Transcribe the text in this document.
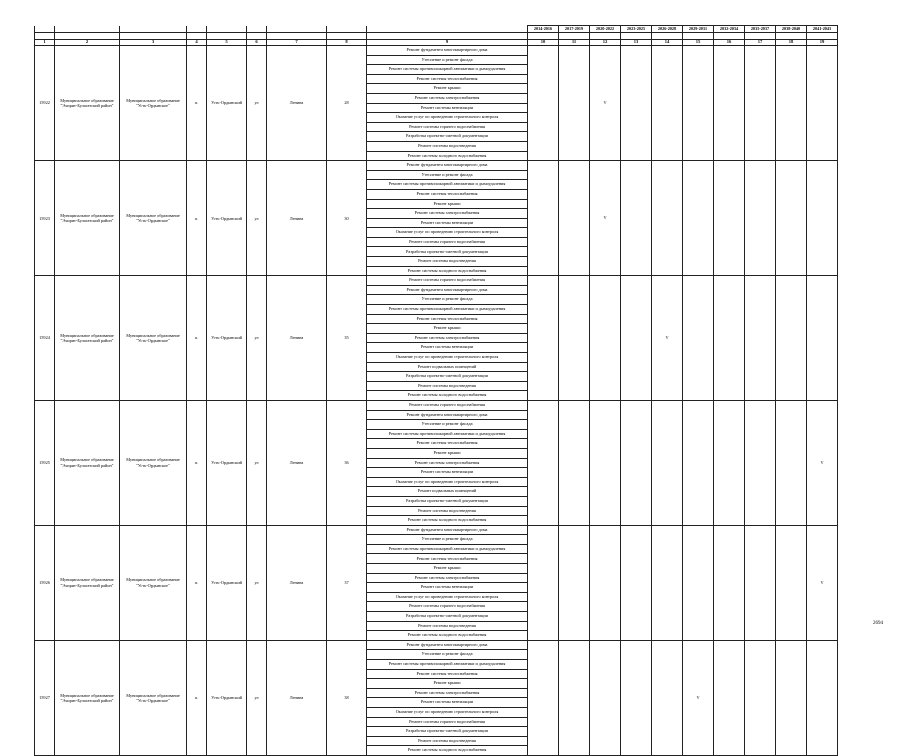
									2014-2016	2017-2019	2020-2022	2023-2025	2026-2028	2029-2031	2032-2034	2035-2037	2038-2040	2041-2043

1	2	3	4	5	6	7	8	9	10	11	12	13	14	15	16	17	18	19
15922	Муниципальное образование "Эхирит-Булагатский район"	Муниципальное образование "Усть-Ордынское"	п.	Усть-Ордынский	ул	Ленина	28	Ремонт фундамента многоквартирного дома			V							
								Утепление и ремонт фасада										
								Ремонт системы противопожарной автоматики и дымоудаления										
								Ремонт системы теплоснабжения										
								Ремонт крыши										
								Ремонт системы электроснабжения										
								Ремонт системы вентиляции										
								Оказание услуг по проведению строительного контроля										
								Ремонт системы горячего водоснабжения										
								Разработка проектно-сметной документации										
								Ремонт системы водоотведения										
								Ремонт системы холодного водоснабжения										
15923	Муниципальное образование "Эхирит-Булагатский район"	Муниципальное образование "Усть-Ордынское"	п.	Усть-Ордынский	ул	Ленина	30	Ремонт фундамента многоквартирного дома			V							
								Утепление и ремонт фасада										
								Ремонт системы противопожарной автоматики и дымоудаления										
								Ремонт системы теплоснабжения										
								Ремонт крыши										
								Ремонт системы электроснабжения										
								Ремонт системы вентиляции										
								Оказание услуг по проведению строительного контроля										
								Ремонт системы горячего водоснабжения										
								Разработка проектно-сметной документации										
								Ремонт системы водоотведения										
								Ремонт системы холодного водоснабжения										
15924	Муниципальное образование "Эхирит-Булагатский район"	Муниципальное образование "Усть-Ордынское"	п.	Усть-Ордынский	ул	Ленина	35	Ремонт системы горячего водоснабжения					V					
								Ремонт фундамента многоквартирного дома										
								Утепление и ремонт фасада										
								Ремонт системы противопожарной автоматики и дымоудаления										
								Ремонт системы теплоснабжения										
								Ремонт крыши										
								Ремонт системы электроснабжения										
								Ремонт системы вентиляции										
								Оказание услуг по проведению строительного контроля										
								Ремонт подвальных помещений										
								Разработка проектно-сметной документации										
								Ремонт системы водоотведения										
								Ремонт системы холодного водоснабжения										
15925	Муниципальное образование "Эхирит-Булагатский район"	Муниципальное образование "Усть-Ордынское"	п.	Усть-Ордынский	ул	Ленина	36	Ремонт системы горячего водоснабжения										V
								Ремонт фундамента многоквартирного дома										
								Утепление и ремонт фасада										
								Ремонт системы противопожарной автоматики и дымоудаления										
								Ремонт системы теплоснабжения										
								Ремонт крыши										
								Ремонт системы электроснабжения										
								Ремонт системы вентиляции										
								Оказание услуг по проведению строительного контроля										
								Ремонт подвальных помещений										
								Разработка проектно-сметной документации										
								Ремонт системы водоотведения										
								Ремонт системы холодного водоснабжения										
15926	Муниципальное образование "Эхирит-Булагатский район"	Муниципальное образование "Усть-Ордынское"	п.	Усть-Ордынский	ул	Ленина	37	Ремонт фундамента многоквартирного дома										V
								Утепление и ремонт фасада										
								Ремонт системы противопожарной автоматики и дымоудаления										
								Ремонт системы теплоснабжения										
								Ремонт крыши										
								Ремонт системы электроснабжения										
								Ремонт системы вентиляции										
								Оказание услуг по проведению строительного контроля										
								Ремонт системы горячего водоснабжения										
								Разработка проектно-сметной документации										
								Ремонт системы водоотведения										
								Ремонт системы холодного водоснабжения										
15927	Муниципальное образование "Эхирит-Булагатский район"	Муниципальное образование "Усть-Ордынское"	п.	Усть-Ордынский	ул	Ленина	38	Ремонт фундамента многоквартирного дома						V				
								Утепление и ремонт фасада										
								Ремонт системы противопожарной автоматики и дымоудаления										
								Ремонт системы теплоснабжения										
								Ремонт крыши										
								Ремонт системы электроснабжения										
								Ремонт системы вентиляции										
								Оказание услуг по проведению строительного контроля										
								Ремонт системы горячего водоснабжения										
								Разработка проектно-сметной документации										
								Ремонт системы водоотведения										
								Ремонт системы холодного водоснабжения										
2694
